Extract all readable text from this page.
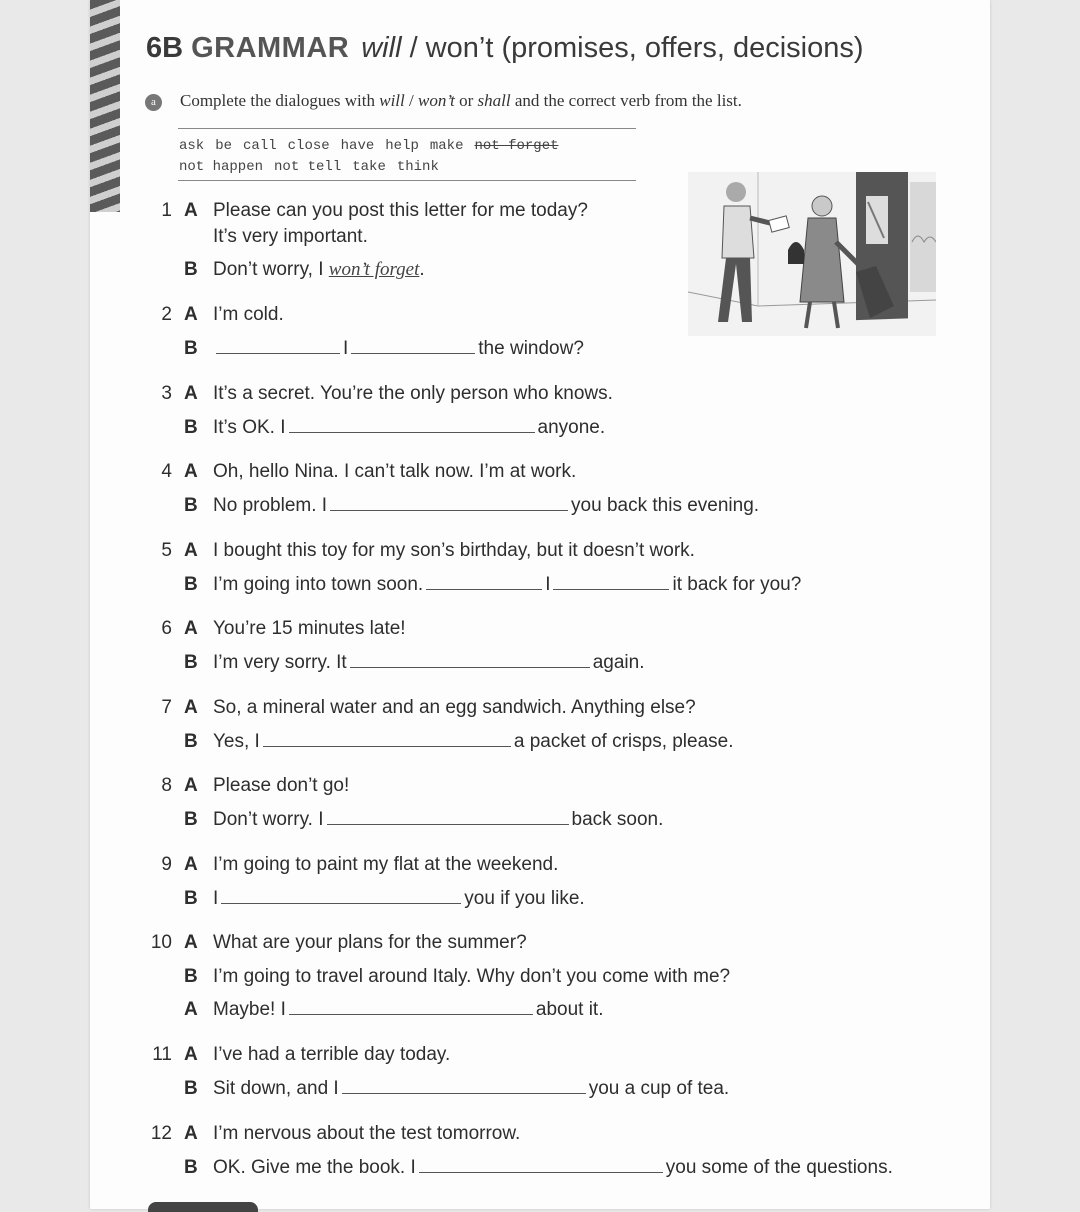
6B GRAMMAR will / won’t (promises, offers, decisions)
a	Complete the dialogues with will / won’t or shall and the correct verb from the list.
ask be call close have help make not forget
not happen not tell take think
1 A Please can you post this letter for me today?
It’s very important.
B Don’t worry, I won’t forget.
2 A I’m cold.
B	I	the window?
3 A It’s a secret. You’re the only person who knows.
B It’s OK. I	anyone.
4 A Oh, hello Nina. I can’t talk now. I’m at work.
B No problem. I	you back this evening.
5 A I bought this toy for my son’s birthday, but it doesn’t work.
B I’m going into town soon.	I	it back for you?
6 A You’re 15 minutes late!
B I’m very sorry. It	again.
7 A So, a mineral water and an egg sandwich. Anything else?
B Yes, I	a packet of crisps, please.
8 A Please don’t go!
B Don’t worry. I	back soon.
9 A I’m going to paint my flat at the weekend.
B I	you if you like.
10 A What are your plans for the summer?
B I’m going to travel around Italy. Why don’t you come with me?
A Maybe! I	about it.
11 A I’ve had a terrible day today.
B Sit down, and I	you a cup of tea.
12 A I’m nervous about the test tomorrow.
B OK. Give me the book. I	you some of the questions.
